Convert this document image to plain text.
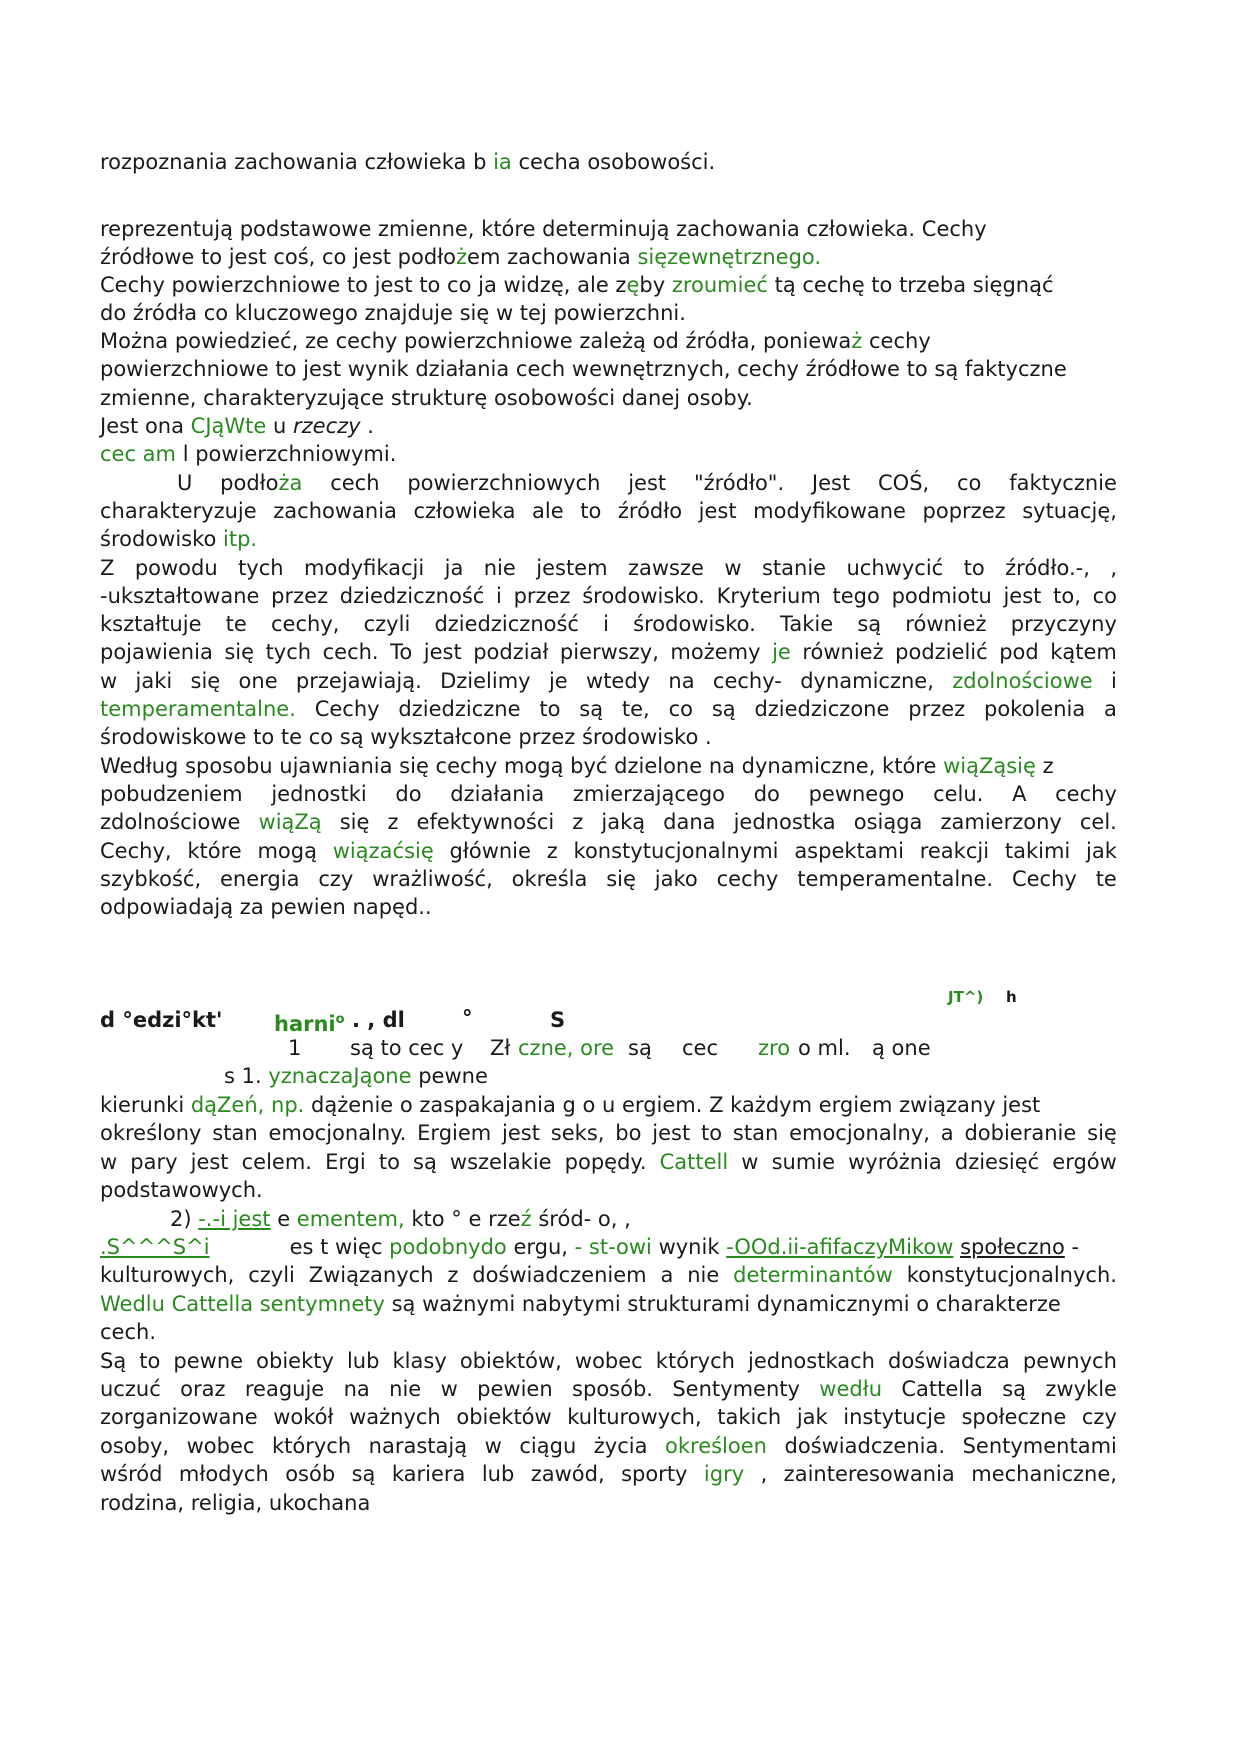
rozpoznania zachowania człowieka b ia cecha osobowości.
reprezentują podstawowe zmienne, które determinują zachowania człowieka. Cechy
źródłowe to jest coś, co jest podłożem zachowania sięzewnętrznego.
Cechy powierzchniowe to jest to co ja widzę, ale zęby zroumieć tą cechę to trzeba sięgnąć
do źródła co kluczowego znajduje się w tej powierzchni.
Można powiedzieć, ze cechy powierzchniowe zależą od źródła, ponieważ cechy
powierzchniowe to jest wynik działania cech wewnętrznych, cechy źródłowe to są faktyczne
zmienne, charakteryzujące strukturę osobowości danej osoby.
Jest ona CJąWte u rzeczy .
cec am l powierzchniowymi.
U podłoża cech powierzchniowych jest "źródło". Jest COŚ, co faktycznie
charakteryzuje zachowania człowieka ale to źródło jest modyfikowane poprzez sytuację,
środowisko itp.
Z powodu tych modyfikacji ja nie jestem zawsze w stanie uchwycić to źródło.-, ,
-ukształtowane przez dziedziczność i przez środowisko. Kryterium tego podmiotu jest to, co
kształtuje te cechy, czyli dziedziczność i środowisko. Takie są również przyczyny
pojawienia się tych cech. To jest podział pierwszy, możemy je również podzielić pod kątem
w jaki się one przejawiają. Dzielimy je wtedy na cechy- dynamiczne, zdolnościowe i
temperamentalne. Cechy dziedziczne to są te, co są dziedziczone przez pokolenia a
środowiskowe to te co są wykształcone przez środowisko .
Według sposobu ujawniania się cechy mogą być dzielone na dynamiczne, które wiąZąsię z
pobudzeniem jednostki do działania zmierzającego do pewnego celu. A cechy
zdolnościowe wiąZą się z efektywności z jaką dana jednostka osiąga zamierzony cel.
Cechy, które mogą wiązaćsię głównie z konstytucjonalnymi aspektami reakcji takimi jak
szybkość, energia czy wrażliwość, określa się jako cechy temperamentalne. Cechy te
odpowiadają za pewien napęd..
JT^) h
d °edzi°kt' harni$^o$ . , dl	°	S
1 są to cec y Zł czne, ore są cec zro o ml. ą one
s 1. yznaczaJąone pewne
kierunki dąZeń, np. dążenie o zaspakajania g o u ergiem. Z każdym ergiem związany jest
określony stan emocjonalny. Ergiem jest seks, bo jest to stan emocjonalny, a dobieranie się
w pary jest celem. Ergi to są wszelakie popędy. Cattell w sumie wyróżnia dziesięć ergów
podstawowych.
2) -.-i jest e ementem, kto ° e rzeź śród- o, ,
.S^^^S^i	es t więc podobnydo ergu, - st-owi wynik -OOd.ii-afifaczyMikow społeczno -
kulturowych, czyli Związanych z doświadczeniem a nie determinantów konstytucjonalnych.
Wedlu Cattella sentymnety są ważnymi nabytymi strukturami dynamicznymi o charakterze
cech.
Są to pewne obiekty lub klasy obiektów, wobec których jednostkach doświadcza pewnych
uczuć oraz reaguje na nie w pewien sposób. Sentymenty wedłu Cattella są zwykle
zorganizowane wokół ważnych obiektów kulturowych, takich jak instytucje społeczne czy
osoby, wobec których narastają w ciągu życia określoen doświadczenia. Sentymentami
wśród młodych osób są kariera lub zawód, sporty igry , zainteresowania mechaniczne,
rodzina, religia, ukochana
